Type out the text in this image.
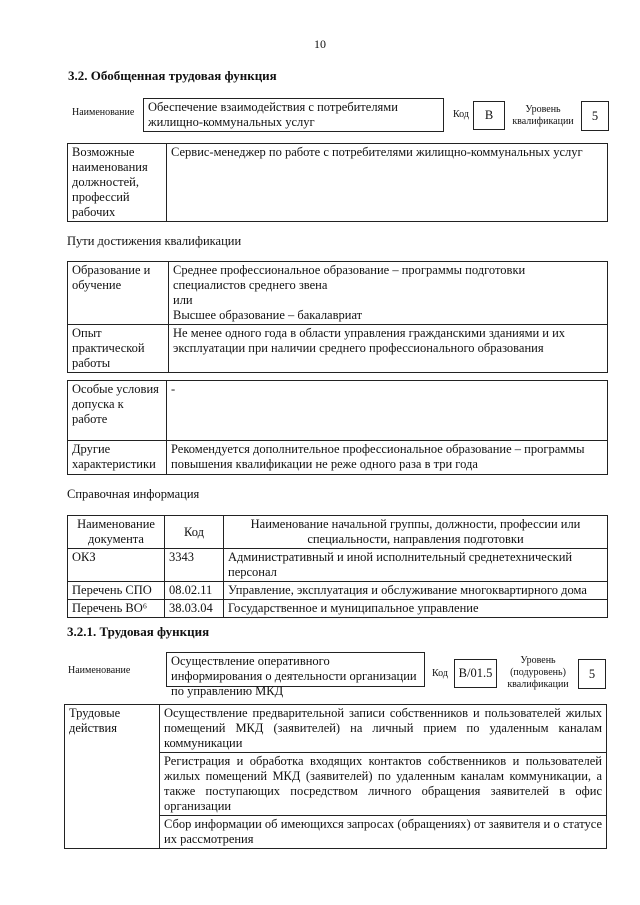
10
3.2. Обобщенная трудовая функция
Наименование	Обеспечение взаимодействия с потребителями жилищно-коммунальных услуг
Код	B	Уровень квалификации	5
Возможные наименования должностей, профессий рабочих	Сервис-менеджер по работе с потребителями жилищно-коммунальных услуг
Пути достижения квалификации
Образование и обучение	Среднее профессиональное образование – программы подготовки
специалистов среднего звена
или
Высшее образование – бакалавриат

Опыт практической работы	Не менее одного года в области управления гражданскими зданиями и их
эксплуатации при наличии среднего профессионального образования
Особые условия допуска к работе	-

Другие характеристики	Рекомендуется дополнительное профессиональное образование – программы
повышения квалификации не реже одного раза в три года
Справочная информация
Наименование документа	Код	Наименование начальной группы, должности, профессии или специальности, направления подготовки
ОКЗ	3343	Административный и иной исполнительный среднетехнический персонал
Перечень СПО	08.02.11	Управление, эксплуатация и обслуживание многоквартирного дома
Перечень ВО⁶	38.03.04	Государственное и муниципальное управление
3.2.1. Трудовая функция
Наименование
Осуществление оперативного информирования о деятельности организации по управлению МКД
Код B/01.5
Уровень (подуровень) квалификации
5
Трудовые действия	Осуществление предварительной записи собственников и пользователей жилых помещений МКД (заявителей) на личный прием по удаленным каналам коммуникации
Регистрация и обработка входящих контактов собственников и пользователей жилых помещений МКД (заявителей) по удаленным каналам коммуникации, а также поступающих посредством личного обращения заявителей в офис организации
Сбор информации об имеющихся запросах (обращениях) от заявителя и о статусе их рассмотрения
